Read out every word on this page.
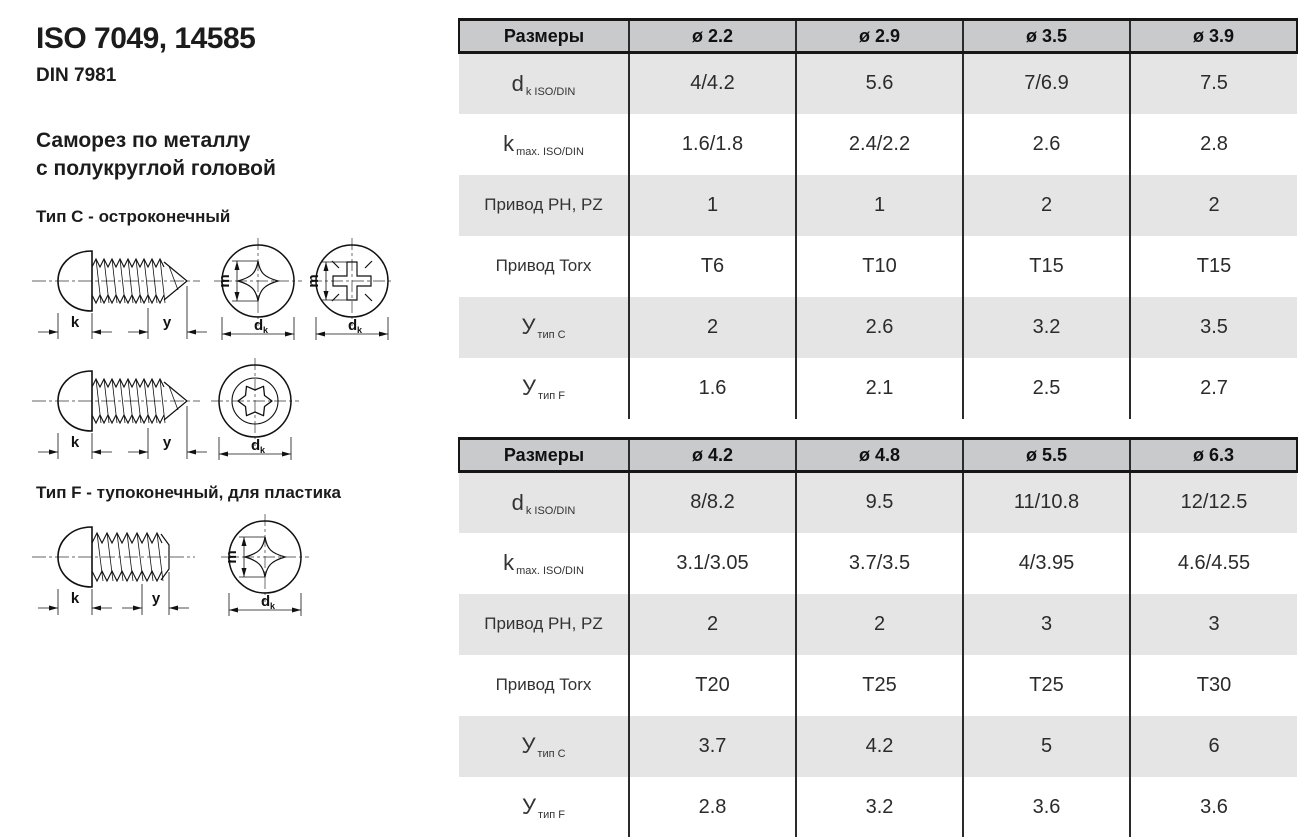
ISO 7049, 14585
DIN 7981
Саморез по металлу
с полукруглой головой
Тип C - остроконечный
Тип F - тупоконечный, для пластика
k	y
m
d k
m
d k
k	y	d k
k	y
m
d k
Размеры	ø 2.2	ø 2.9	ø 3.5	ø 3.9
d $_{k ISO/DIN}$	4/4.2	5.6	7/6.9	7.5
k $_{max. ISO/DIN}$	1.6/1.8	2.4/2.2	2.6	2.8
Привод PH, PZ	1	1	2	2
Привод Torx	T6	T10	T15	T15
У $_{тип C}$	2	2.6	3.2	3.5
У $_{тип F}$	1.6	2.1	2.5	2.7
Размеры	ø 4.2	ø 4.8	ø 5.5	ø 6.3
d $_{k ISO/DIN}$	8/8.2	9.5	11/10.8	12/12.5
k $_{max. ISO/DIN}$	3.1/3.05	3.7/3.5	4/3.95	4.6/4.55
Привод PH, PZ	2	2	3	3
Привод Torx	T20	T25	T25	T30
У $_{тип C}$	3.7	4.2	5	6
У $_{тип F}$	2.8	3.2	3.6	3.6
